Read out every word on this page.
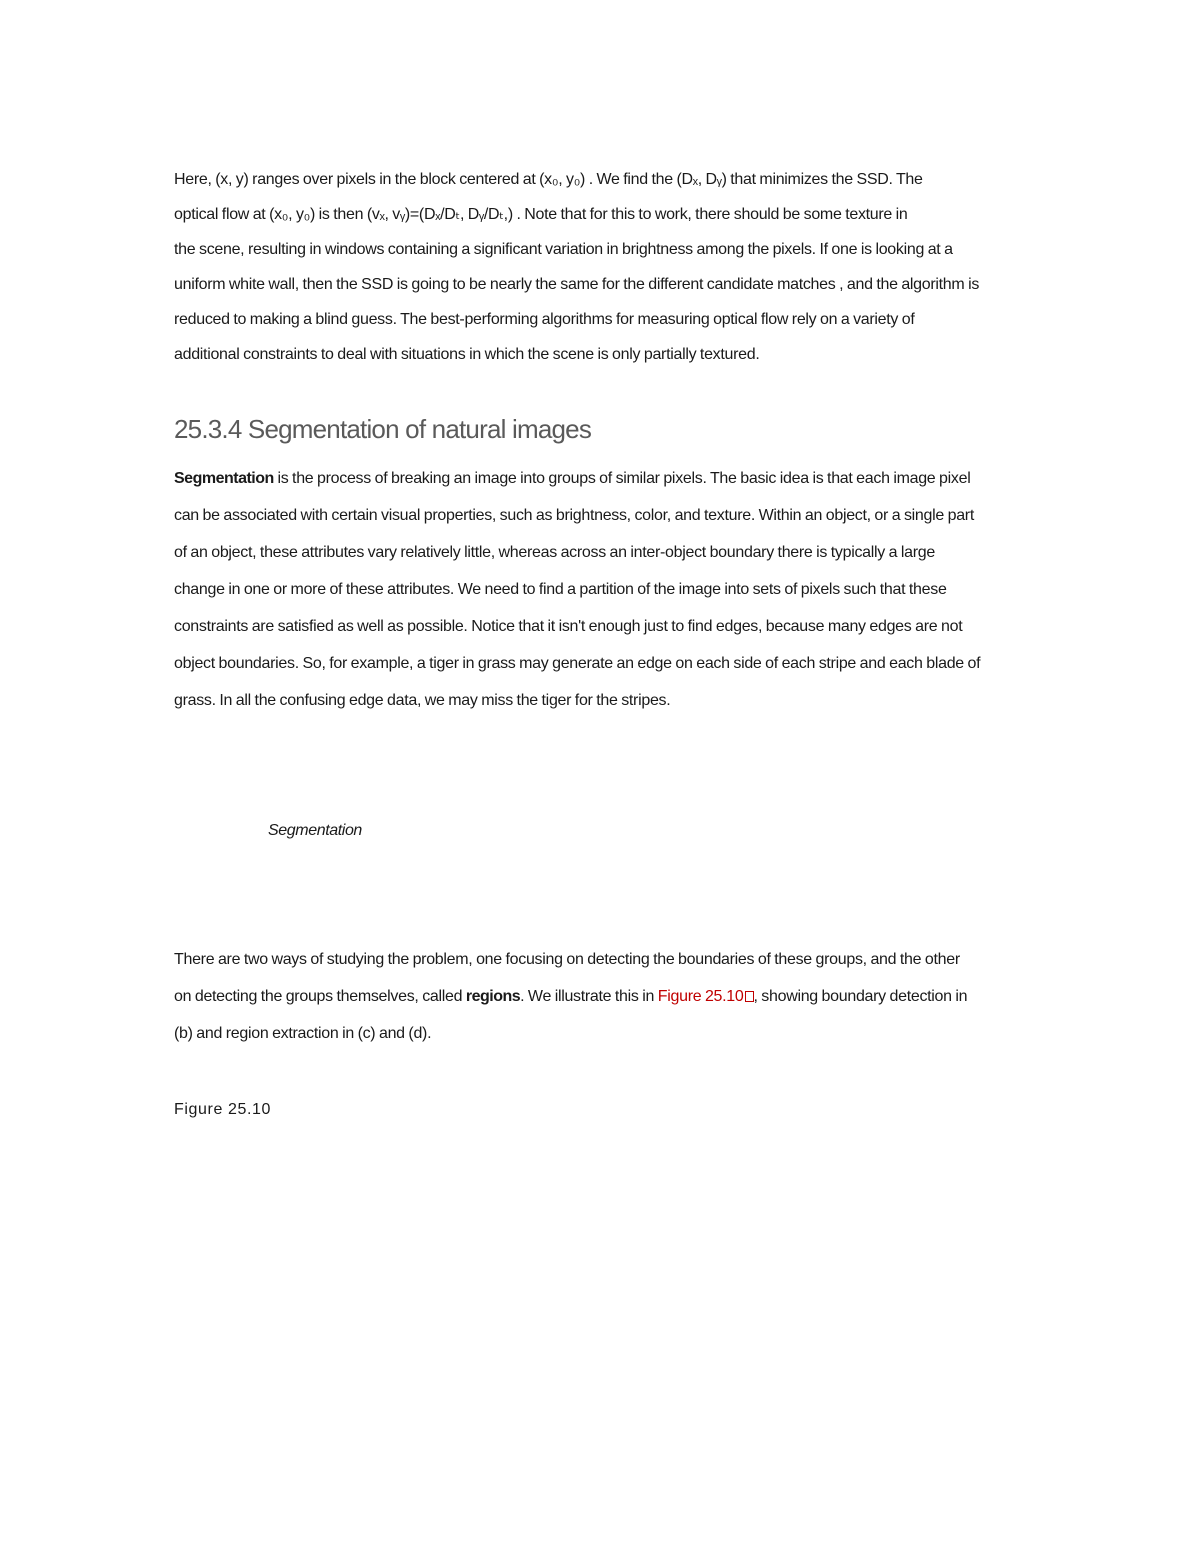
Here, (x, y) ranges over pixels in the block centered at (x₀, y₀) . We find the (Dₓ, Dᵧ) that minimizes the SSD. The
optical flow at (x₀, y₀) is then (vₓ, vᵧ)=(Dₓ/Dₜ, Dᵧ/Dₜ,) . Note that for this to work, there should be some texture in
the scene, resulting in windows containing a significant variation in brightness among the pixels. If one is looking at a
uniform white wall, then the SSD is going to be nearly the same for the different candidate matches , and the algorithm is
reduced to making a blind guess. The best-performing algorithms for measuring optical flow rely on a variety of
additional constraints to deal with situations in which the scene is only partially textured.

25.3.4 Segmentation of natural images

Segmentation is the process of breaking an image into groups of similar pixels. The basic idea is that each image pixel
can be associated with certain visual properties, such as brightness, color, and texture. Within an object, or a single part
of an object, these attributes vary relatively little, whereas across an inter-object boundary there is typically a large
change in one or more of these attributes. We need to find a partition of the image into sets of pixels such that these
constraints are satisfied as well as possible. Notice that it isn't enough just to find edges, because many edges are not
object boundaries. So, for example, a tiger in grass may generate an edge on each side of each stripe and each blade of
grass. In all the confusing edge data, we may miss the tiger for the stripes.

Segmentation

There are two ways of studying the problem, one focusing on detecting the boundaries of these groups, and the other
on detecting the groups themselves, called regions. We illustrate this in Figure 25.10 , showing boundary detection in
(b) and region extraction in (c) and (d).

Figure 25.10
